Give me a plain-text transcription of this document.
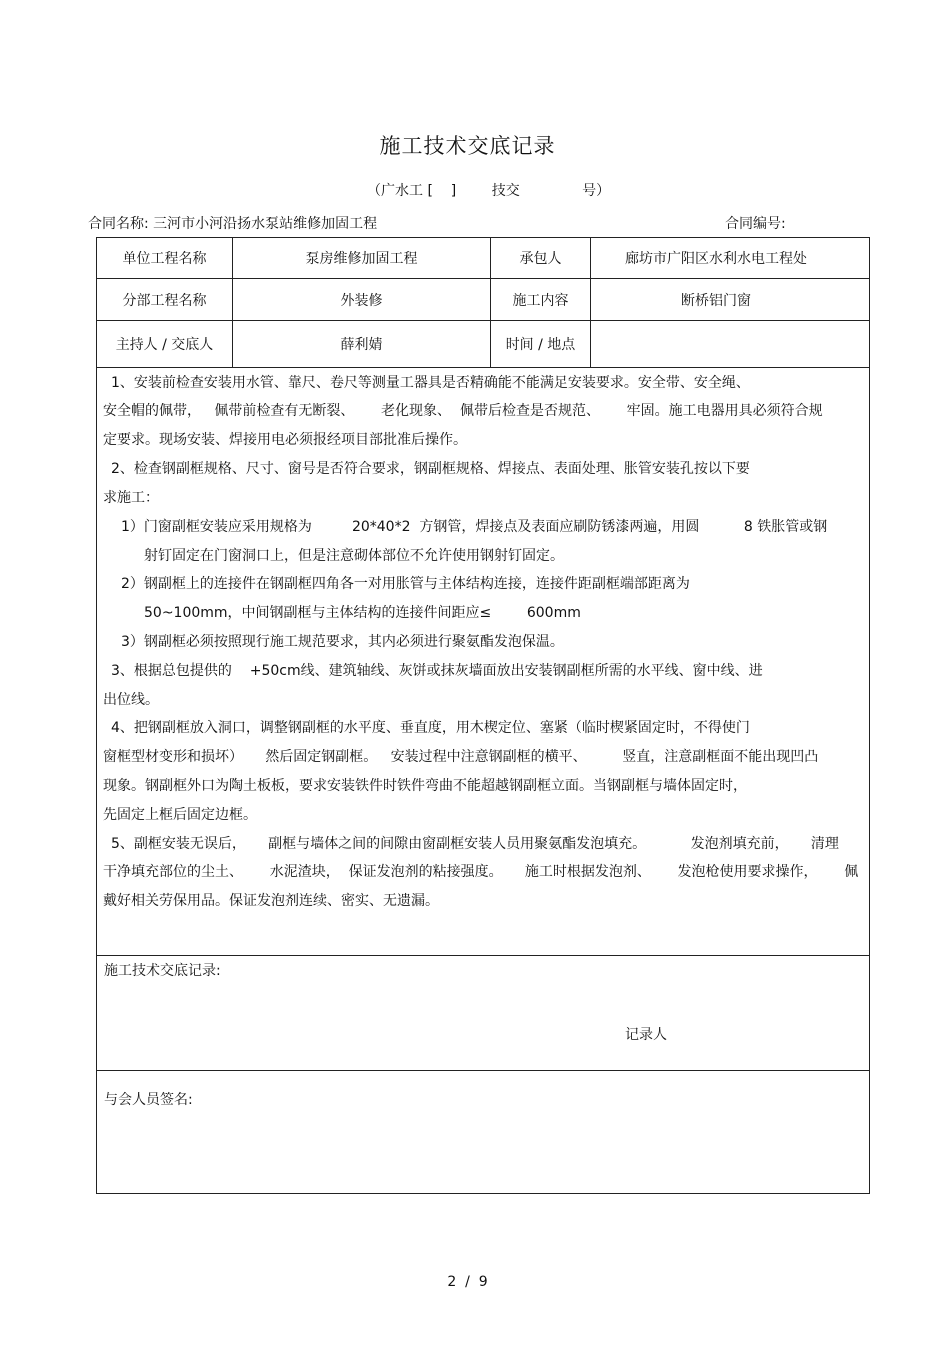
施工技术交底记录
（广水工 [    ]        技交              号）
合同名称: 三河市小河沿扬水泵站维修加固工程	合同编号:
单位工程名称	泵房维修加固工程	承包人	廊坊市广阳区水利水电工程处
分部工程名称	外装修	施工内容	断桥铝门窗
主持人 / 交底人	薛利婧	时间 / 地点
1、安装前检查安装用水管、靠尺、卷尺等测量工器具是否精确能不能满足安装要求。安全带、安全绳、
安全帽的佩带，   佩带前检查有无断裂、      老化现象、  佩带后检查是否规范、      牢固。施工电器用具必须符合规
定要求。现场安装、焊接用电必须报经项目部批准后操作。
2、检查钢副框规格、尺寸、窗号是否符合要求，钢副框规格、焊接点、表面处理、胀管安装孔按以下要
求施工：
1）门窗副框安装应采用规格为         20*40*2  方钢管，焊接点及表面应刷防锈漆两遍，用圆          8 铁胀管或钢
射钉固定在门窗洞口上，但是注意砌体部位不允许使用钢射钉固定。
2）钢副框上的连接件在钢副框四角各一对用胀管与主体结构连接，连接件距副框端部距离为
50~100mm，中间钢副框与主体结构的连接件间距应≤        600mm
3）钢副框必须按照现行施工规范要求，其内必须进行聚氨酯发泡保温。
3、根据总包提供的    +50cm线、建筑轴线、灰饼或抹灰墙面放出安装钢副框所需的水平线、窗中线、进
出位线。
4、把钢副框放入洞口，调整钢副框的水平度、垂直度，用木楔定位、塞紧（临时楔紧固定时，不得使门
窗框型材变形和损坏）     然后固定钢副框。   安装过程中注意钢副框的横平、        竖直，注意副框面不能出现凹凸
现象。钢副框外口为陶土板板，要求安装铁件时铁件弯曲不能超越钢副框立面。当钢副框与墙体固定时，
先固定上框后固定边框。
5、副框安装无误后，     副框与墙体之间的间隙由窗副框安装人员用聚氨酯发泡填充。          发泡剂填充前，     清理
干净填充部位的尘土、      水泥渣块，  保证发泡剂的粘接强度。     施工时根据发泡剂、      发泡枪使用要求操作，      佩
戴好相关劳保用品。保证发泡剂连续、密实、无遗漏。
施工技术交底记录:
记录人
与会人员签名:
2  /  9
